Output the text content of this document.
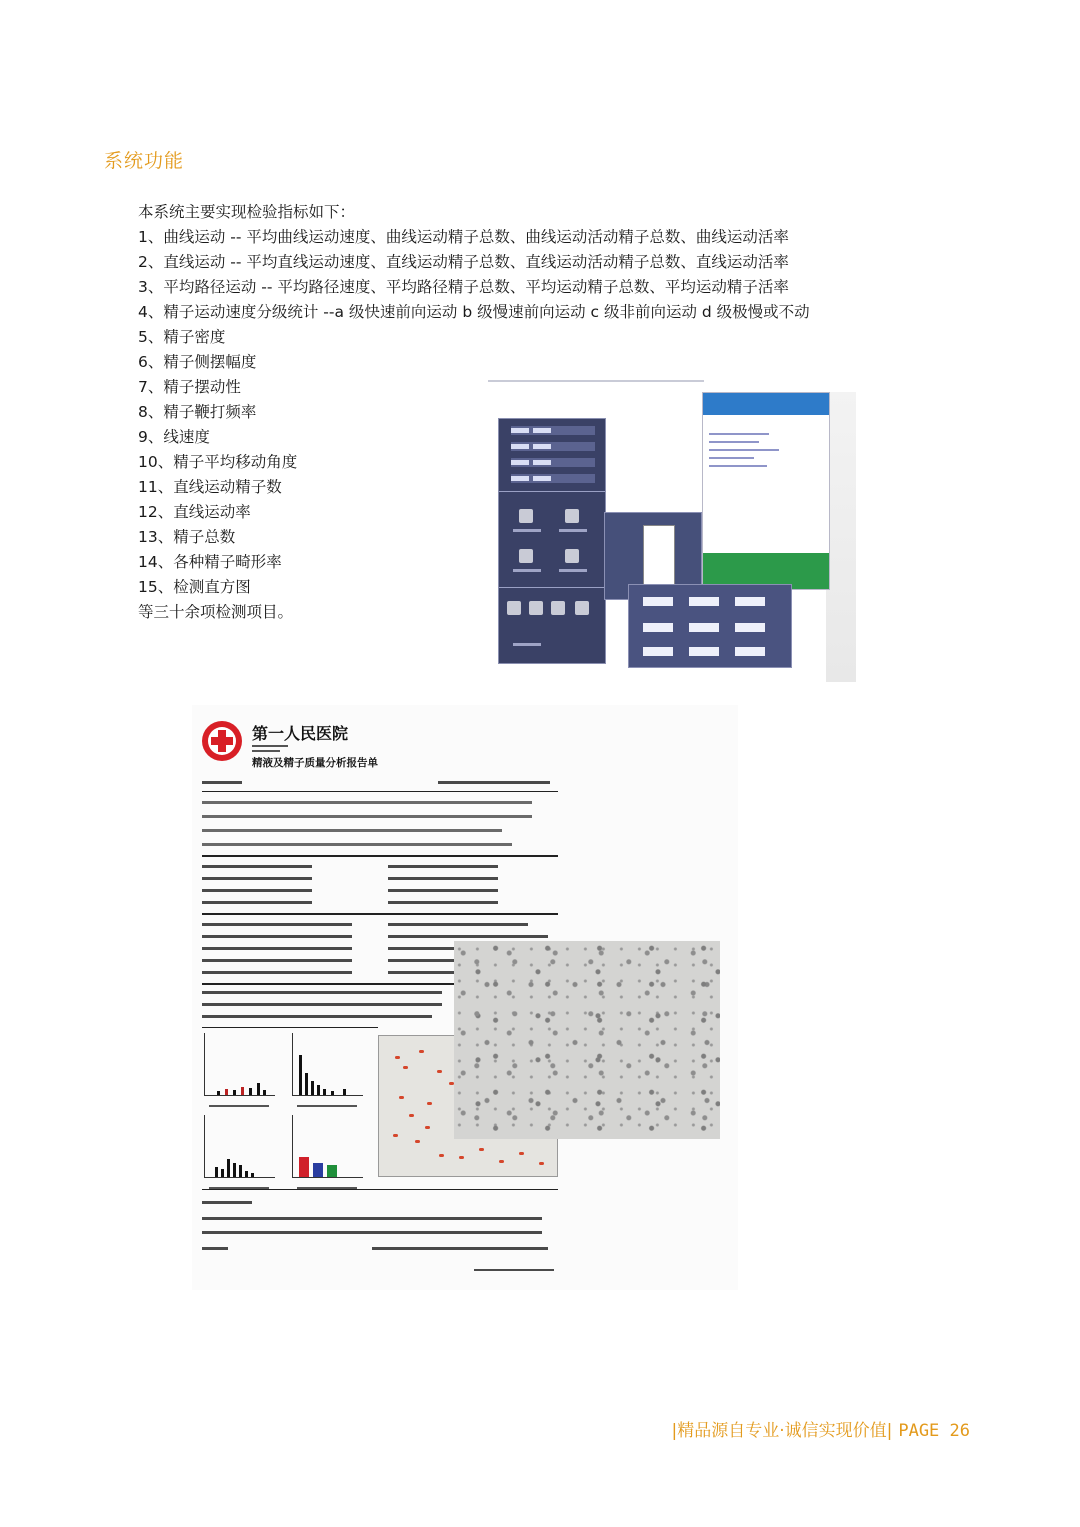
系统功能
本系统主要实现检验指标如下：
1、曲线运动 -- 平均曲线运动速度、曲线运动精子总数、曲线运动活动精子总数、曲线运动活率
2、直线运动 -- 平均直线运动速度、直线运动精子总数、直线运动活动精子总数、直线运动活率
3、平均路径运动 -- 平均路径速度、平均路径精子总数、平均运动精子总数、平均运动精子活率
4、精子运动速度分级统计 --a 级快速前向运动 b 级慢速前向运动 c 级非前向运动 d 级极慢或不动
5、精子密度
6、精子侧摆幅度
7、精子摆动性
8、精子鞭打频率
9、线速度
10、精子平均移动角度
11、直线运动精子数
12、直线运动率
13、精子总数
14、各种精子畸形率
15、检测直方图
等三十余项检测项目。
第一人民医院
精液及精子质量分析报告单
|精品源自专业·诚信实现价值| PAGE 26
